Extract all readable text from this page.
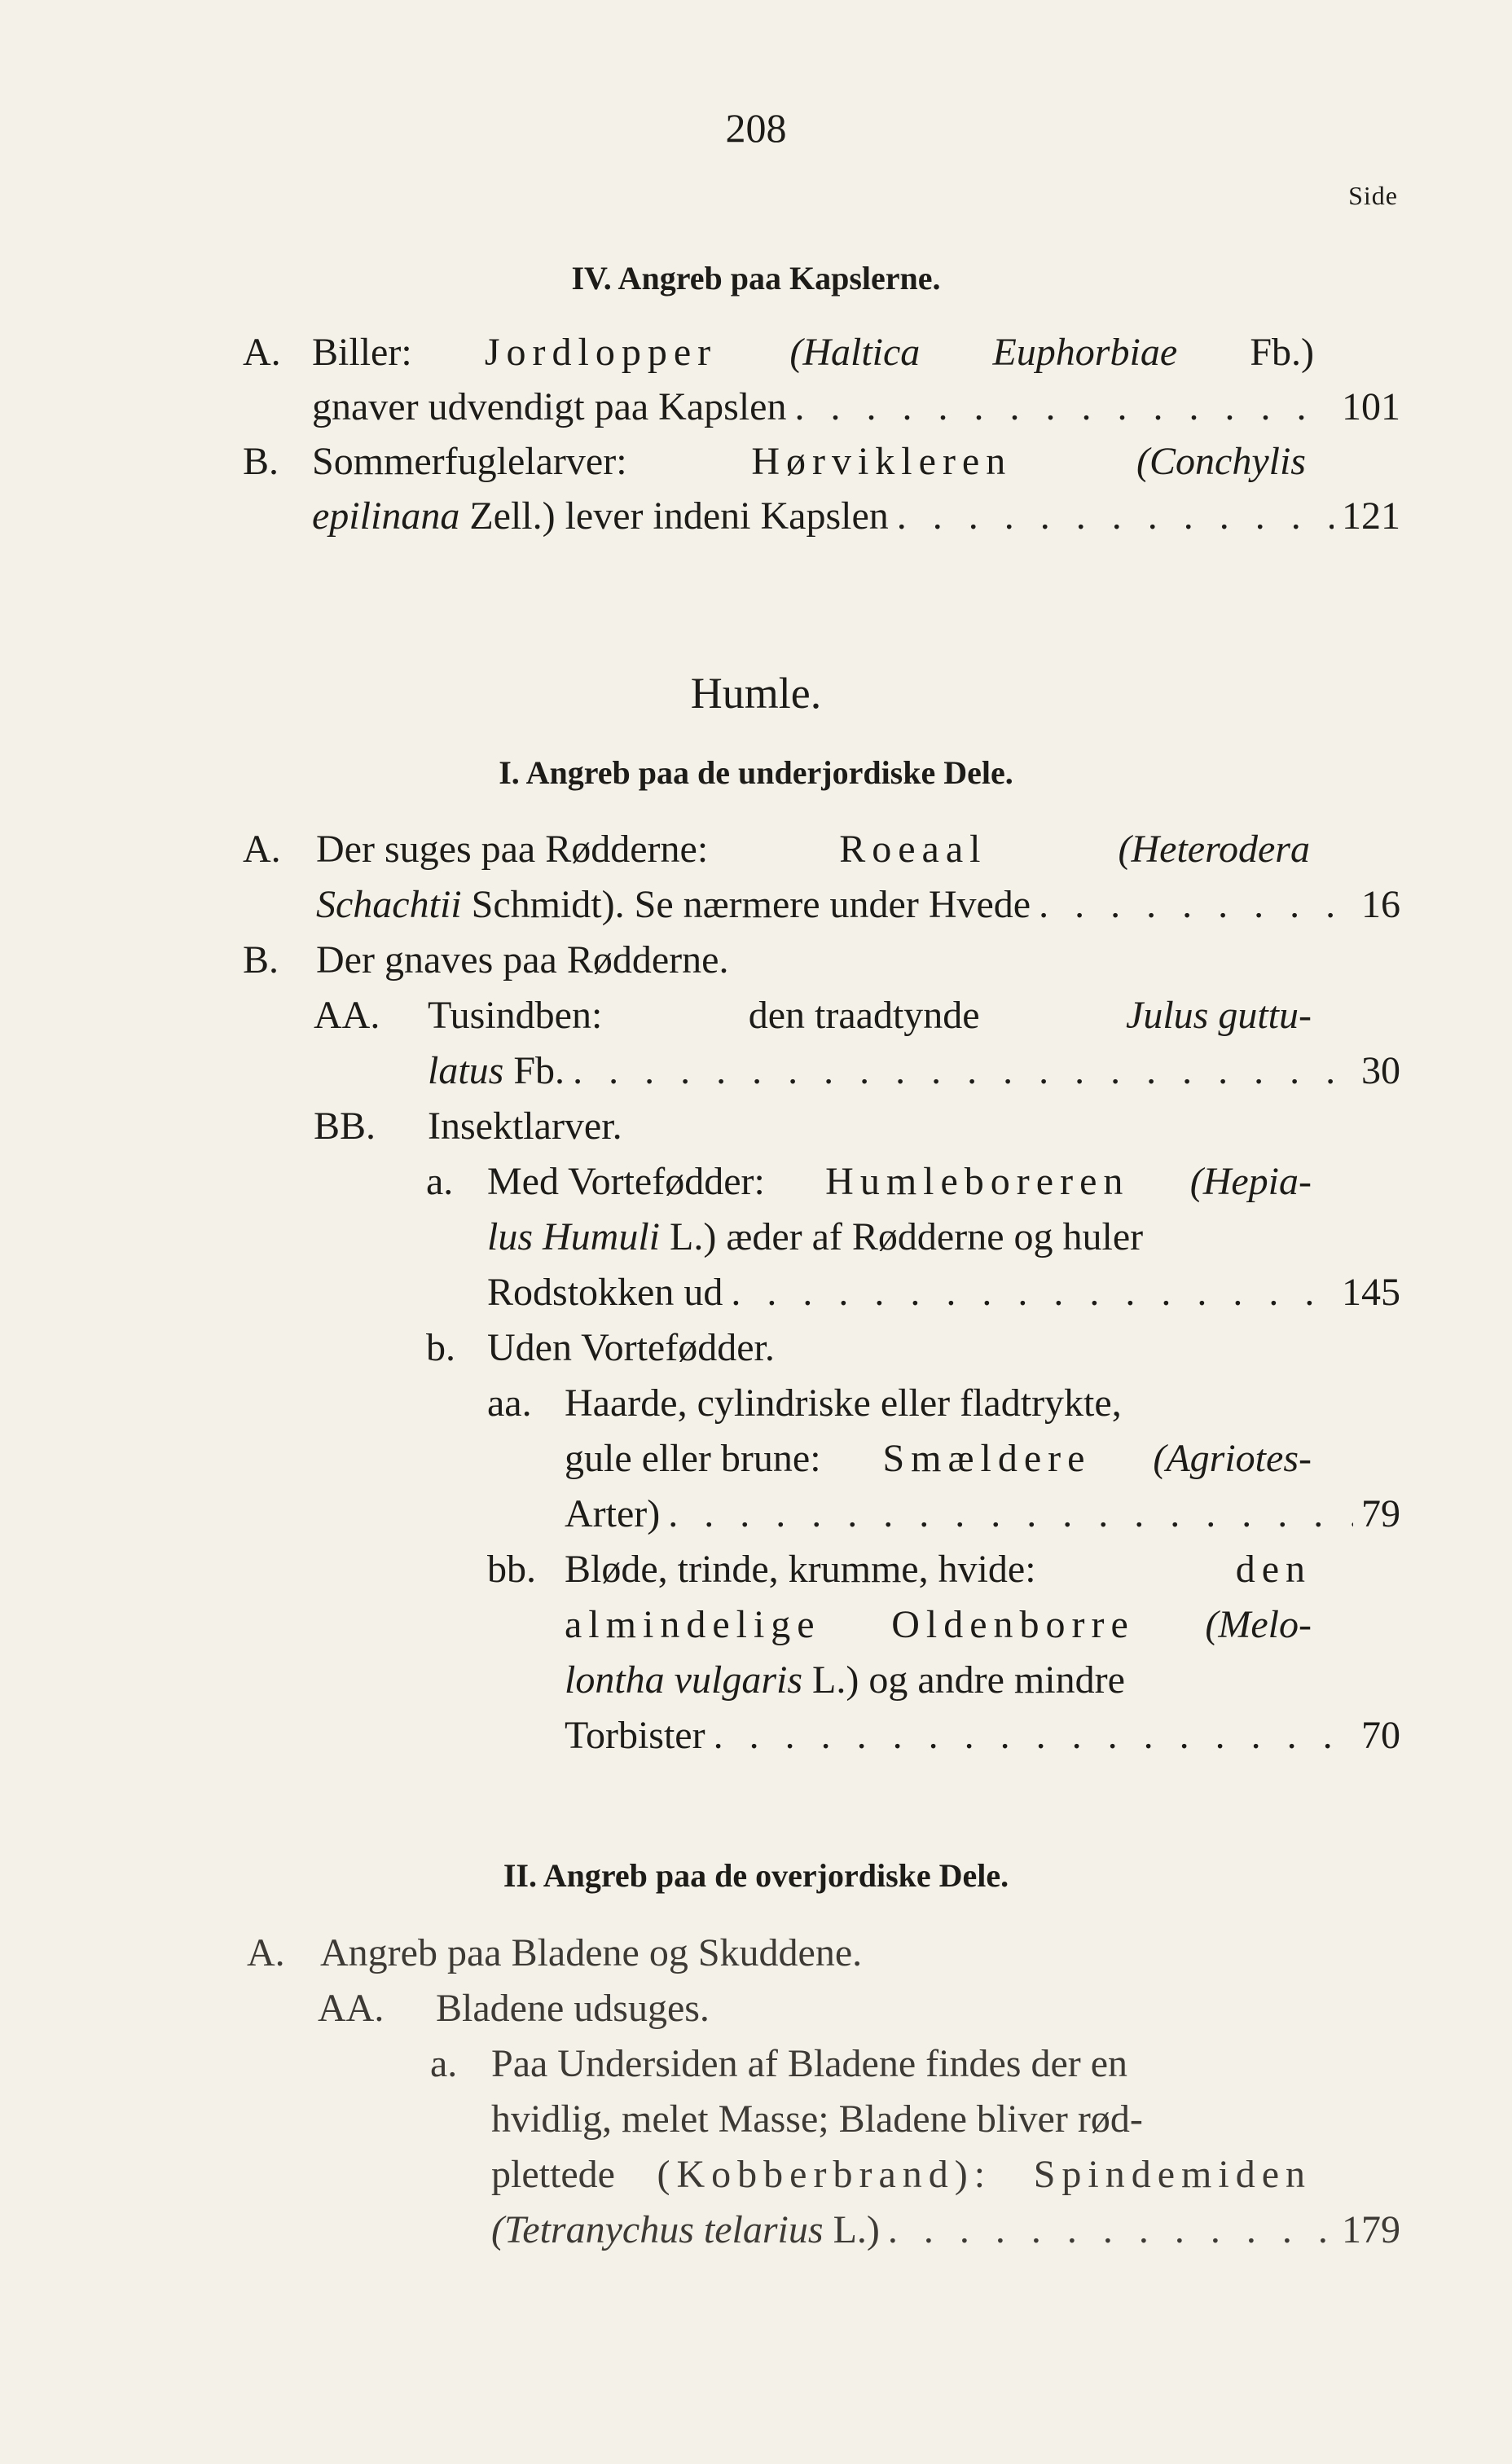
208
Side
IV. Angreb paa Kapslerne.
A. Biller: Jordlopper (Haltica Euphorbiae Fb.)
gnaver udvendigt paa Kapslen . . .	101
B. Sommerfuglelarver:	Hørvikleren	(Conchylis
epilinana Zell.) lever indeni Kapslen . . .	121
Humle.
I. Angreb paa de underjordiske Dele.
A. Der suges paa Rødderne:	Roeaal	(Heterodera
Schachtii Schmidt). Se nærmere under Hvede . . .	16
B. Der gnaves paa Rødderne.
AA. Tusindben:	den traadtynde	Julus guttu-
latus Fb. . . .	30
BB. Insektlarver.
a. Med Vortefødder: Humleboreren (Hepia-
lus Humuli L.) æder af Rødderne og huler
Rodstokken ud . . .	145
b. Uden Vortefødder.
aa. Haarde, cylindriske eller fladtrykte,
gule eller brune: Smældere (Agriotes-
Arter) . . .	79
bb. Bløde, trinde, krumme, hvide:	den
almindelige Oldenborre (Melo-
lontha vulgaris L.) og andre mindre
Torbister . . .	70
II. Angreb paa de overjordiske Dele.
A. Angreb paa Bladene og Skuddene.
AA. Bladene udsuges.
a. Paa Undersiden af Bladene findes der en
hvidlig, melet Masse; Bladene bliver rød-
plettede (Kobberbrand): Spindemiden
(Tetranychus telarius L.) . . .	179
